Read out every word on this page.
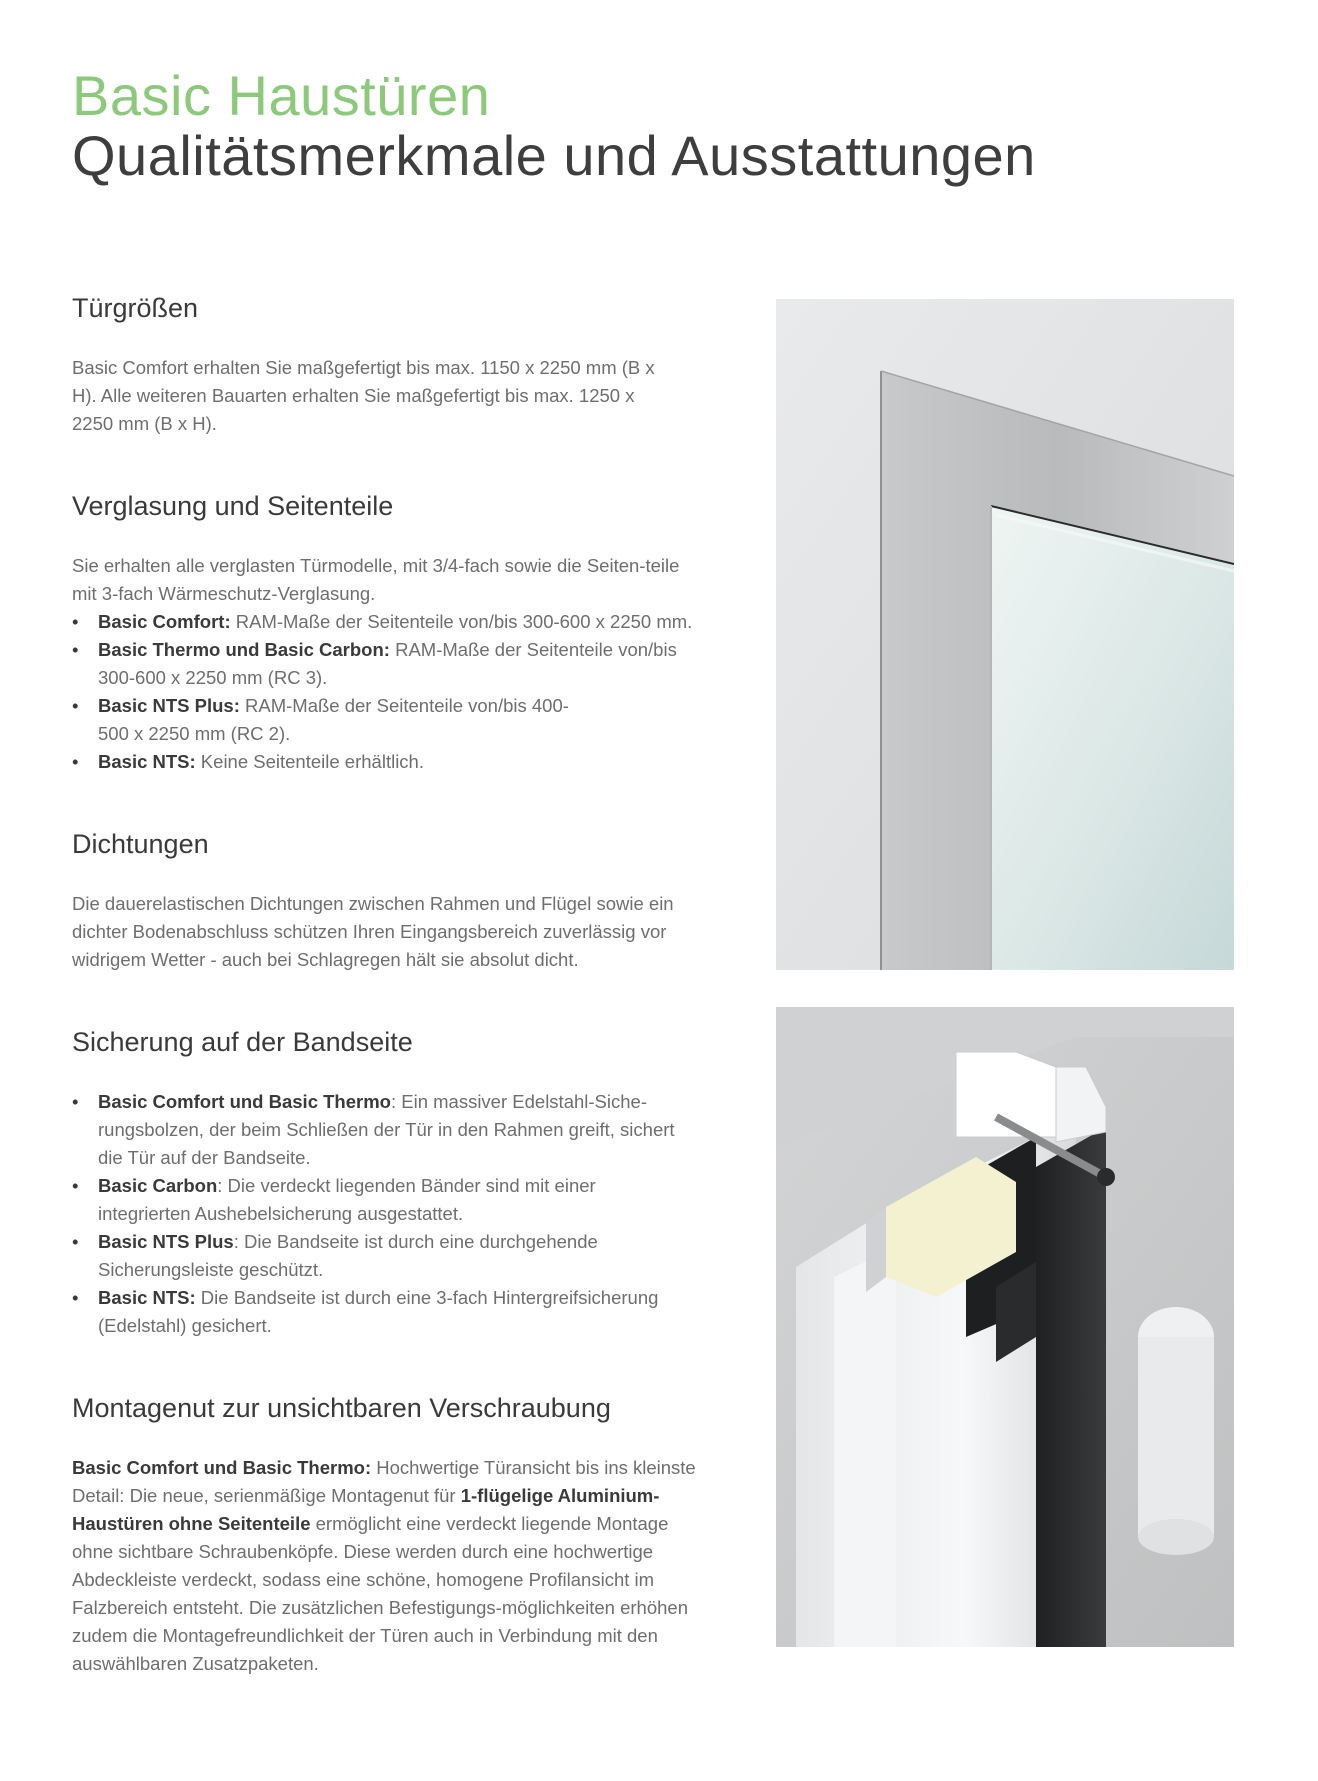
Basic Haustüren
Qualitätsmerkmale und Ausstattungen
Türgrößen

Basic Comfort erhalten Sie maßgefertigt bis max. 1150 x 2250 mm (B x H). Alle weiteren Bauarten erhalten Sie maßgefertigt bis max. 1250 x 2250 mm (B x H).

Verglasung und Seitenteile

Sie erhalten alle verglasten Türmodelle, mit 3/4-fach sowie die Seiten-teile mit 3-fach Wärmeschutz-Verglasung.

• Basic Comfort: RAM-Maße der Seitenteile von/bis 300-600 x 2250 mm.
• Basic Thermo und Basic Carbon: RAM-Maße der Seitenteile von/bis 300-600 x 2250 mm (RC 3).
• Basic NTS Plus: RAM-Maße der Seitenteile von/bis 400-500 x 2250 mm (RC 2).
• Basic NTS: Keine Seitenteile erhältlich.
Dichtungen

Die dauerelastischen Dichtungen zwischen Rahmen und Flügel sowie ein dichter Bodenabschluss schützen Ihren Eingangsbereich zuverlässig vor widrigem Wetter - auch bei Schlagregen hält sie absolut dicht.

Sicherung auf der Bandseite
• Basic Comfort und Basic Thermo: Ein massiver Edelstahl-Siche-rungsbolzen, der beim Schließen der Tür in den Rahmen greift, sichert die Tür auf der Bandseite.
• Basic Carbon: Die verdeckt liegenden Bänder sind mit einer integrierten Aushebelsicherung ausgestattet.
• Basic NTS Plus: Die Bandseite ist durch eine durchgehende Sicherungsleiste geschützt.
• Basic NTS: Die Bandseite ist durch eine 3-fach Hintergreifsicherung (Edelstahl) gesichert.
Montagenut zur unsichtbaren Verschraubung

Basic Comfort und Basic Thermo: Hochwertige Türansicht bis ins kleinste Detail: Die neue, serienmäßige Montagenut für 1-flügelige Aluminium-Haustüren ohne Seitenteile ermöglicht eine verdeckt liegende Montage ohne sichtbare Schraubenköpfe. Diese werden durch eine hochwertige Abdeckleiste verdeckt, sodass eine schöne, homogene Profilansicht im Falzbereich entsteht. Die zusätzlichen Befestigungs-möglichkeiten erhöhen zudem die Montagefreundlichkeit der Türen auch in Verbindung mit den auswählbaren Zusatzpaketen.
